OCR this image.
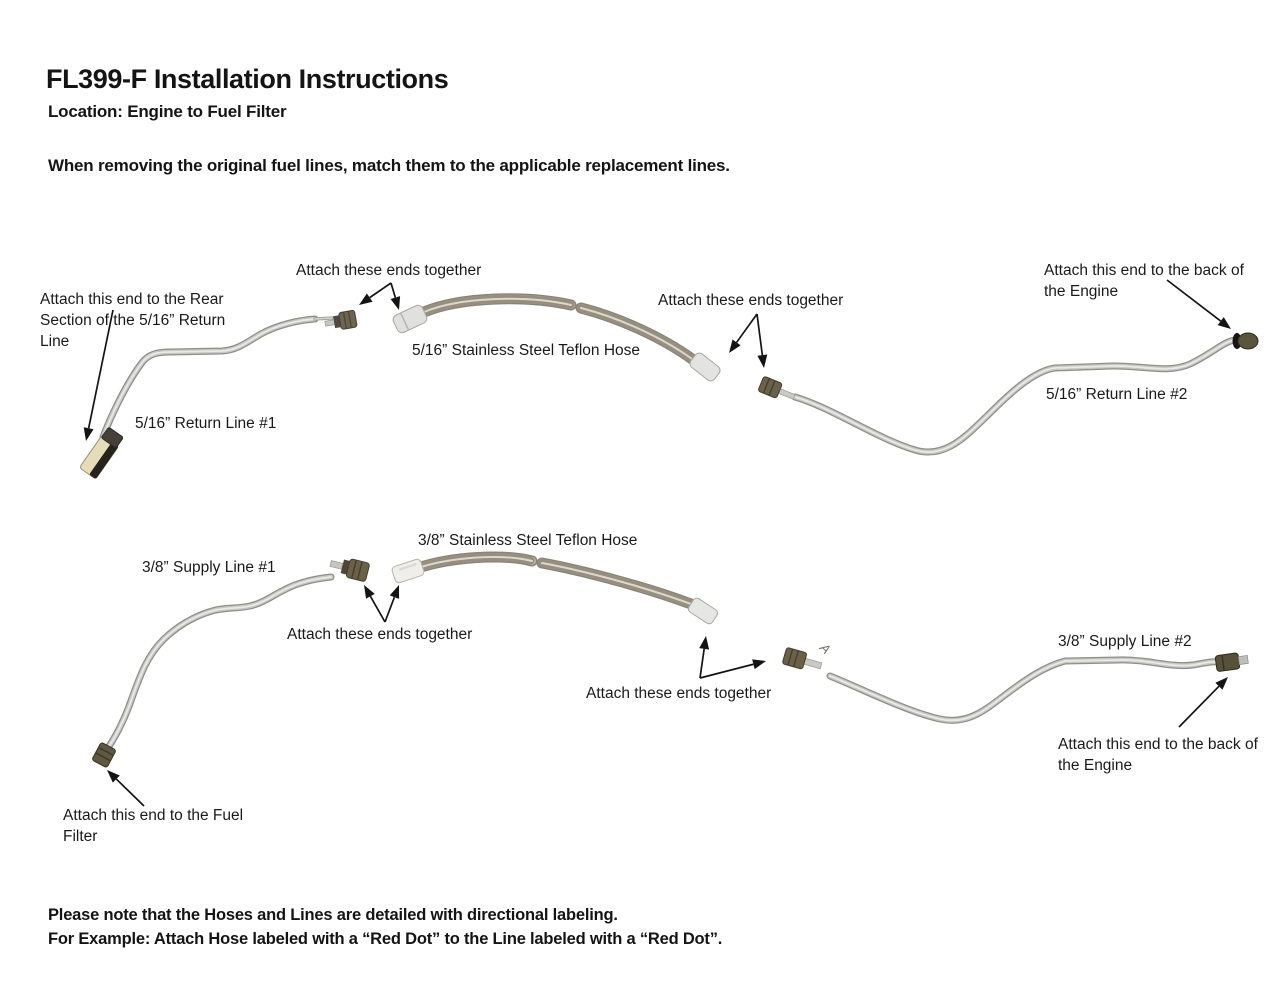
FL399-F Installation Instructions
Location: Engine to Fuel Filter
When removing the original fuel lines, match them to the applicable replacement lines.
Attach this end to the Rear Section of the 5/16” Return Line
Attach these ends together
5/16” Stainless Steel Teflon Hose
Attach these ends together
Attach this end to the back of the Engine
5/16” Return Line #1
5/16” Return Line #2
3/8” Stainless Steel Teflon Hose
3/8” Supply Line #1
Attach these ends together
Attach these ends together
3/8” Supply Line #2
Attach this end to the back of the Engine
Attach this end to the Fuel Filter
A
Please note that the Hoses and Lines are detailed with directional labeling.
For Example: Attach Hose labeled with a “Red Dot” to the Line labeled with a “Red Dot”.
